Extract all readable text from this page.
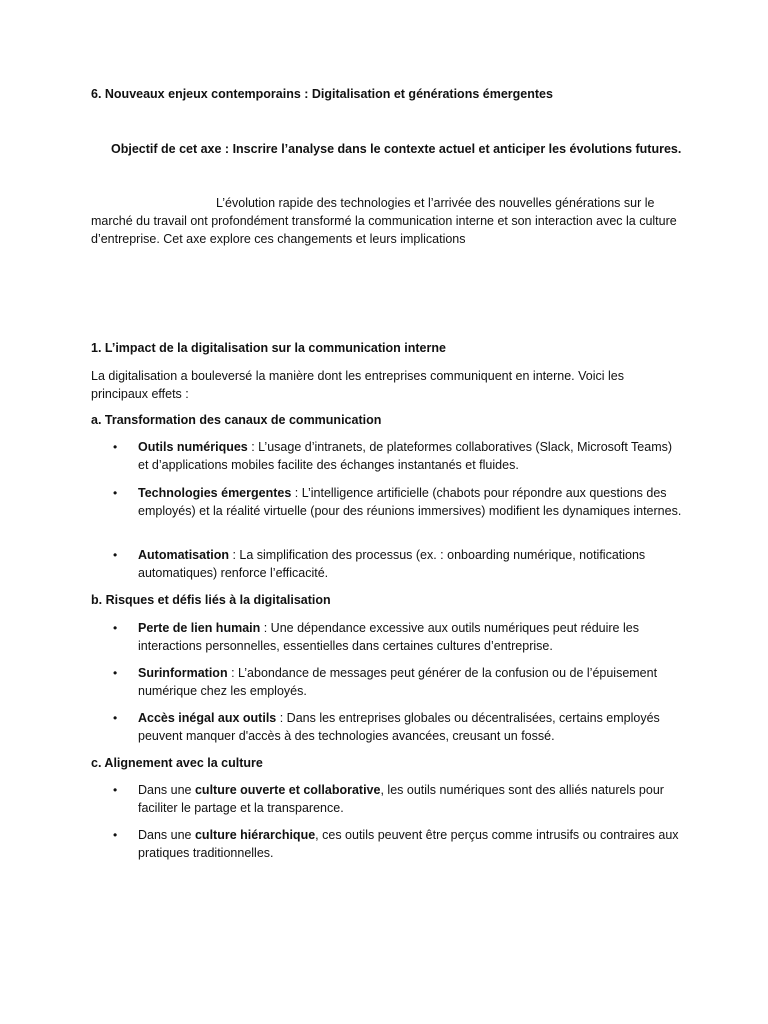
6. Nouveaux enjeux contemporains : Digitalisation et générations émergentes
Objectif de cet axe : Inscrire l’analyse dans le contexte actuel et anticiper les évolutions futures.
L’évolution rapide des technologies et l’arrivée des nouvelles générations sur le marché du travail ont profondément transformé la communication interne et son interaction avec la culture d’entreprise. Cet axe explore ces changements et leurs implications
1. L’impact de la digitalisation sur la communication interne
La digitalisation a bouleversé la manière dont les entreprises communiquent en interne. Voici les principaux effets :
a. Transformation des canaux de communication
•	Outils numériques : L’usage d’intranets, de plateformes collaboratives (Slack, Microsoft Teams) et d’applications mobiles facilite des échanges instantanés et fluides.
•	Technologies émergentes : L’intelligence artificielle (chabots pour répondre aux questions des employés) et la réalité virtuelle (pour des réunions immersives) modifient les dynamiques internes.
•	Automatisation : La simplification des processus (ex. : onboarding numérique, notifications automatiques) renforce l’efficacité.
b. Risques et défis liés à la digitalisation
•	Perte de lien humain : Une dépendance excessive aux outils numériques peut réduire les interactions personnelles, essentielles dans certaines cultures d’entreprise.
•	Surinformation : L’abondance de messages peut générer de la confusion ou de l’épuisement numérique chez les employés.
•	Accès inégal aux outils : Dans les entreprises globales ou décentralisées, certains employés peuvent manquer d'accès à des technologies avancées, creusant un fossé.
c. Alignement avec la culture
•	Dans une culture ouverte et collaborative, les outils numériques sont des alliés naturels pour faciliter le partage et la transparence.
•	Dans une culture hiérarchique, ces outils peuvent être perçus comme intrusifs ou contraires aux pratiques traditionnelles.
